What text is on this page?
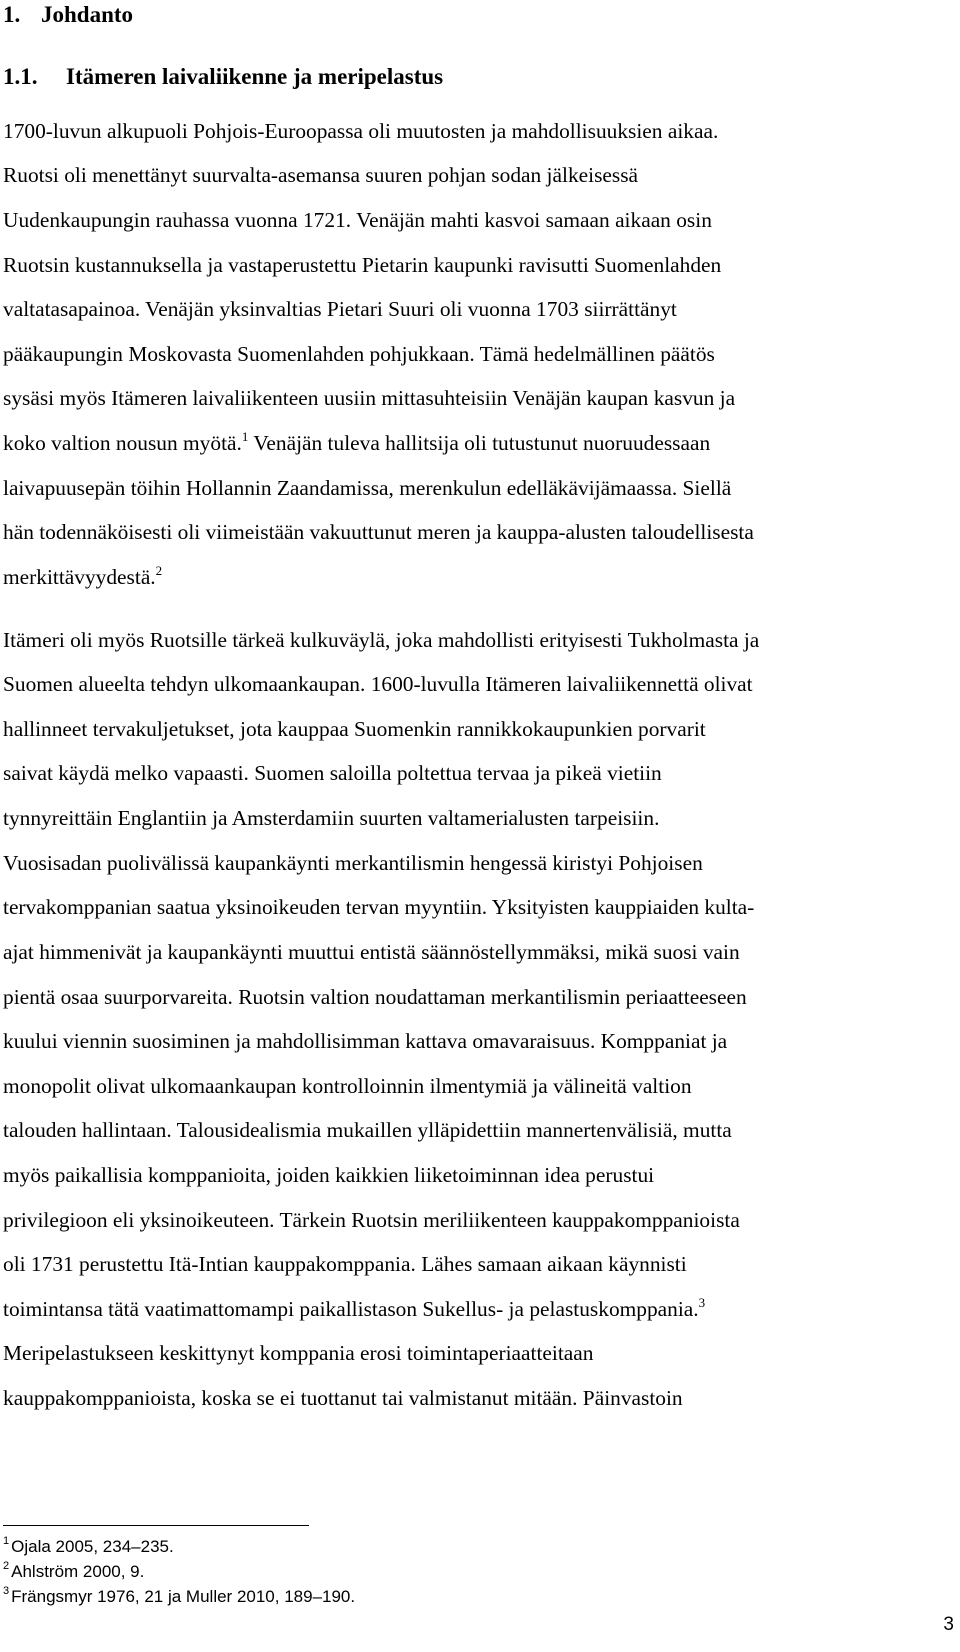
1. Johdanto
1.1. Itämeren laivaliikenne ja meripelastus
1700-luvun alkupuoli Pohjois-Euroopassa oli muutosten ja mahdollisuuksien aikaa.
Ruotsi oli menettänyt suurvalta-asemansa suuren pohjan sodan jälkeisessä
Uudenkaupungin rauhassa vuonna 1721. Venäjän mahti kasvoi samaan aikaan osin
Ruotsin kustannuksella ja vastaperustettu Pietarin kaupunki ravisutti Suomenlahden
valtatasapainoa. Venäjän yksinvaltias Pietari Suuri oli vuonna 1703 siirrättänyt
pääkaupungin Moskovasta Suomenlahden pohjukkaan. Tämä hedelmällinen päätös
sysäsi myös Itämeren laivaliikenteen uusiin mittasuhteisiin Venäjän kaupan kasvun ja
koko valtion nousun myötä.$^1$ Venäjän tuleva hallitsija oli tutustunut nuoruudessaan
laivapuusepän töihin Hollannin Zaandamissa, merenkulun edelläkävijämaassa. Siellä
hän todennäköisesti oli viimeistään vakuuttunut meren ja kauppa-alusten taloudellisesta
merkittävyydestä.$^2$
Itämeri oli myös Ruotsille tärkeä kulkuväylä, joka mahdollisti erityisesti Tukholmasta ja
Suomen alueelta tehdyn ulkomaankaupan. 1600-luvulla Itämeren laivaliikennettä olivat
hallinneet tervakuljetukset, jota kauppaa Suomenkin rannikkokaupunkien porvarit
saivat käydä melko vapaasti. Suomen saloilla poltettua tervaa ja pikeä vietiin
tynnyreittäin Englantiin ja Amsterdamiin suurten valtamerialusten tarpeisiin.
Vuosisadan puolivälissä kaupankäynti merkantilismin hengessä kiristyi Pohjoisen
tervakomppanian saatua yksinoikeuden tervan myyntiin. Yksityisten kauppiaiden kulta-
ajat himmenivät ja kaupankäynti muuttui entistä säännöstellymmäksi, mikä suosi vain
pientä osaa suurporvareita. Ruotsin valtion noudattaman merkantilismin periaatteeseen
kuului viennin suosiminen ja mahdollisimman kattava omavaraisuus. Komppaniat ja
monopolit olivat ulkomaankaupan kontrolloinnin ilmentymiä ja välineitä valtion
talouden hallintaan. Talousidealismia mukaillen ylläpidettiin mannertenvälisiä, mutta
myös paikallisia komppanioita, joiden kaikkien liiketoiminnan idea perustui
privilegioon eli yksinoikeuteen. Tärkein Ruotsin meriliikenteen kauppakomppanioista
oli 1731 perustettu Itä-Intian kauppakomppania. Lähes samaan aikaan käynnisti
toimintansa tätä vaatimattomampi paikallistason Sukellus- ja pelastuskomppania.$^3$
Meripelastukseen keskittynyt komppania erosi toimintaperiaatteitaan
kauppakomppanioista, koska se ei tuottanut tai valmistanut mitään. Päinvastoin
$^1$ Ojala 2005, 234–235.
$^2$ Ahlström 2000, 9.
$^3$ Frängsmyr 1976, 21 ja Muller 2010, 189–190.
3
